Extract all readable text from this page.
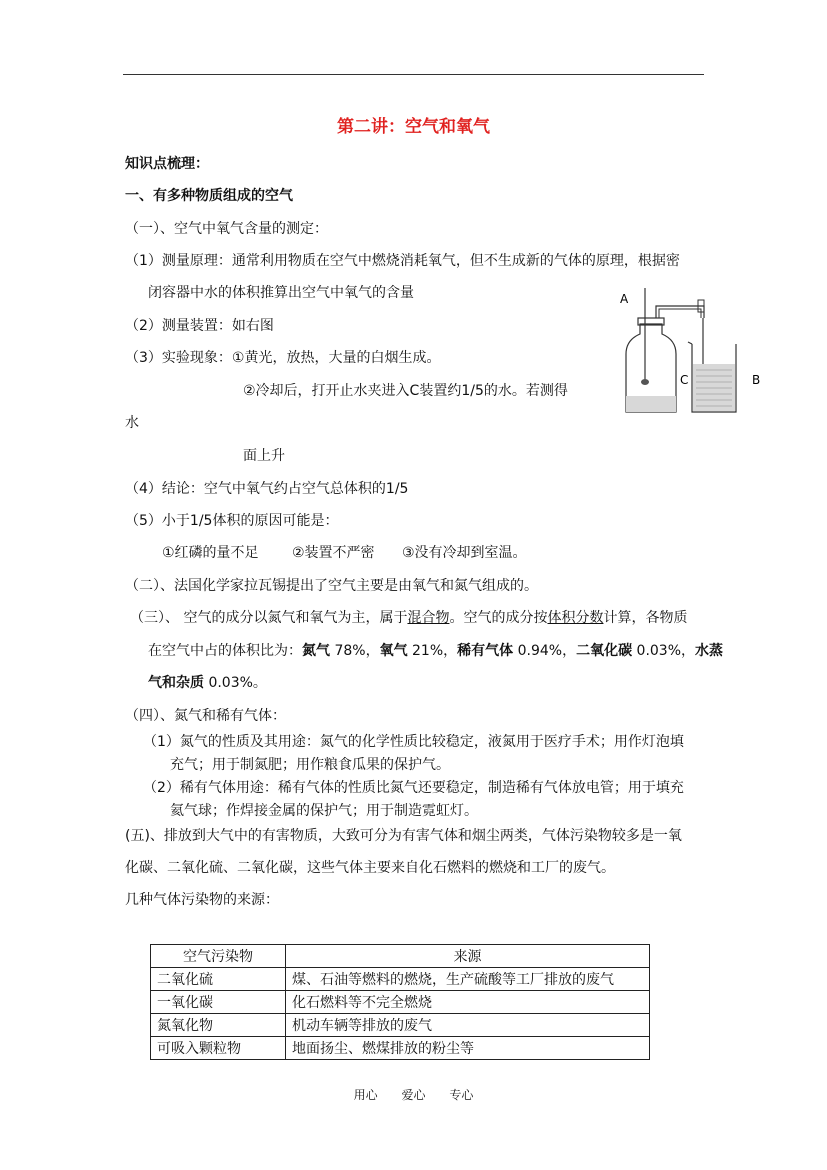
第二讲：空气和氧气
知识点梳理：
一、有多种物质组成的空气
（一）、空气中氧气含量的测定：
（1）测量原理：通常利用物质在空气中燃烧消耗氧气，但不生成新的气体的原理，根据密
闭容器中水的体积推算出空气中氧气的含量
（2）测量装置：如右图
（3）实验现象：①黄光，放热，大量的白烟生成。
②冷却后，打开止水夹进入C装置约1/5的水。若测得
水
面上升
（4）结论：空气中氧气约占空气总体积的1/5
（5）小于1/5体积的原因可能是：
①红磷的量不足 ②装置不严密 ③没有冷却到室温。
（二）、法国化学家拉瓦锡提出了空气主要是由氧气和氮气组成的。
（三）、 空气的成分以氮气和氧气为主，属于混合物。空气的成分按体积分数计算，各物质
在空气中占的体积比为：氮气 78%，氧气 21%，稀有气体 0.94%，二氧化碳 0.03%，水蒸
气和杂质 0.03%。
（四）、氮气和稀有气体：
（1）氮气的性质及其用途：氮气的化学性质比较稳定，液氮用于医疗手术；用作灯泡填
充气；用于制氮肥；用作粮食瓜果的保护气。
（2）稀有气体用途：稀有气体的性质比氮气还要稳定，制造稀有气体放电管；用于填充
氦气球；作焊接金属的保护气；用于制造霓虹灯。
(五)、排放到大气中的有害物质，大致可分为有害气体和烟尘两类，气体污染物较多是一氧
化碳、二氧化硫、二氧化碳，这些气体主要来自化石燃料的燃烧和工厂的废气。
几种气体污染物的来源：
A
C	B
空气污染物	来源
二氧化硫	煤、石油等燃料的燃烧，生产硫酸等工厂排放的废气
一氧化碳	化石燃料等不完全燃烧
氮氧化物	机动车辆等排放的废气
可吸入颗粒物	地面扬尘、燃煤排放的粉尘等
用心 爱心 专心
